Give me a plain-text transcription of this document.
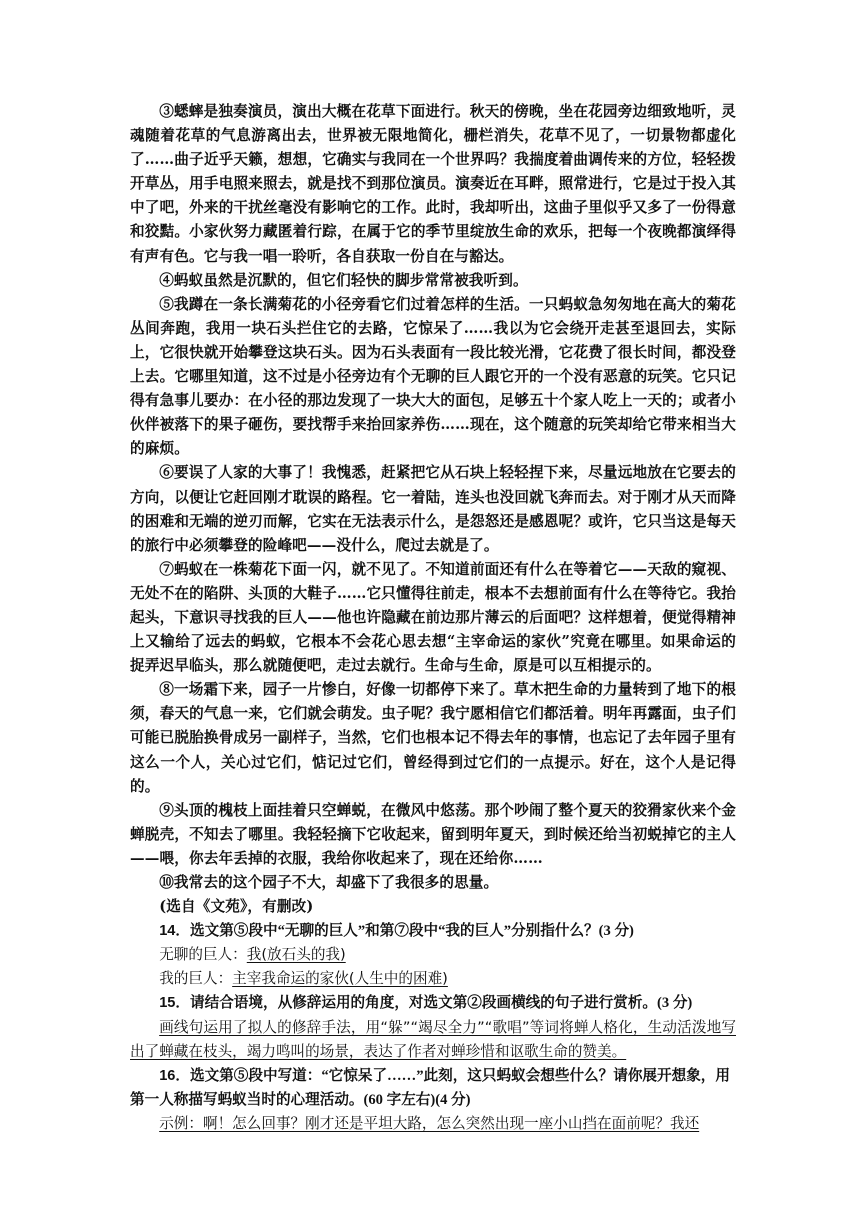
③蟋蟀是独奏演员，演出大概在花草下面进行。秋天的傍晚，坐在花园旁边细致地听，灵魂随着花草的气息游离出去，世界被无限地简化，栅栏消失，花草不见了，一切景物都虚化了……曲子近乎天籁，想想，它确实与我同在一个世界吗？我揣度着曲调传来的方位，轻轻拨开草丛，用手电照来照去，就是找不到那位演员。演奏近在耳畔，照常进行，它是过于投入其中了吧，外来的干扰丝毫没有影响它的工作。此时，我却听出，这曲子里似乎又多了一份得意和狡黠。小家伙努力藏匿着行踪，在属于它的季节里绽放生命的欢乐，把每一个夜晚都演绎得有声有色。它与我一唱一聆听，各自获取一份自在与豁达。

④蚂蚁虽然是沉默的，但它们轻快的脚步常常被我听到。

⑤我蹲在一条长满菊花的小径旁看它们过着怎样的生活。一只蚂蚁急匆匆地在高大的菊花丛间奔跑，我用一块石头拦住它的去路，它惊呆了……我以为它会绕开走甚至退回去，实际上，它很快就开始攀登这块石头。因为石头表面有一段比较光滑，它花费了很长时间，都没登上去。它哪里知道，这不过是小径旁边有个无聊的巨人跟它开的一个没有恶意的玩笑。它只记得有急事儿要办：在小径的那边发现了一块大大的面包，足够五十个家人吃上一天的；或者小伙伴被落下的果子砸伤，要找帮手来抬回家养伤……现在，这个随意的玩笑却给它带来相当大的麻烦。

⑥要误了人家的大事了！我愧悉，赶紧把它从石块上轻轻捏下来，尽量远地放在它要去的方向，以便让它赶回刚才耽误的路程。它一着陆，连头也没回就飞奔而去。对于刚才从天而降的困难和无端的逆刃而解，它实在无法表示什么，是怨怒还是感恩呢？或许，它只当这是每天的旅行中必须攀登的险峰吧——没什么，爬过去就是了。

⑦蚂蚁在一株菊花下面一闪，就不见了。不知道前面还有什么在等着它——天敌的窥视、无处不在的陷阱、头顶的大鞋子……它只懂得往前走，根本不去想前面有什么在等待它。我抬起头，下意识寻找我的巨人——他也许隐藏在前边那片薄云的后面吧？这样想着，便觉得精神上又输给了远去的蚂蚁，它根本不会花心思去想“主宰命运的家伙”究竟在哪里。如果命运的捉弄迟早临头，那么就随便吧，走过去就行。生命与生命，原是可以互相提示的。

⑧一场霜下来，园子一片惨白，好像一切都停下来了。草木把生命的力量转到了地下的根须，春天的气息一来，它们就会萌发。虫子呢？我宁愿相信它们都活着。明年再露面，虫子们可能已脱胎换骨成另一副样子，当然，它们也根本记不得去年的事情，也忘记了去年园子里有这么一个人，关心过它们，惦记过它们，曾经得到过它们的一点提示。好在，这个人是记得的。

⑨头顶的槐枝上面挂着只空蝉蜕，在微风中悠荡。那个吵闹了整个夏天的狡猾家伙来个金蝉脱壳，不知去了哪里。我轻轻摘下它收起来，留到明年夏天，到时候还给当初蜕掉它的主人——喂，你去年丢掉的衣服，我给你收起来了，现在还给你……

⑩我常去的这个园子不大，却盛下了我很多的思量。

(选自《文苑》，有删改)

14．选文第⑤段中“无聊的巨人”和第⑦段中“我的巨人”分别指什么？(3 分)

无聊的巨人：我(放石头的我)

我的巨人：主宰我命运的家伙(人生中的困难)

15．请结合语境，从修辞运用的角度，对选文第②段画横线的句子进行赏析。(3 分)

画线句运用了拟人的修辞手法，用“躲”“竭尽全力”“歌唱”等词将蝉人格化，生动活泼地写出了蝉藏在枝头，竭力鸣叫的场景，表达了作者对蝉珍惜和讴歌生命的赞美。

16．选文第⑤段中写道：“它惊呆了……”此刻，这只蚂蚁会想些什么？请你展开想象，用第一人称描写蚂蚁当时的心理活动。(60 字左右)(4 分)

示例：啊！怎么回事？刚才还是平坦大路，怎么突然出现一座小山挡在面前呢？我还
